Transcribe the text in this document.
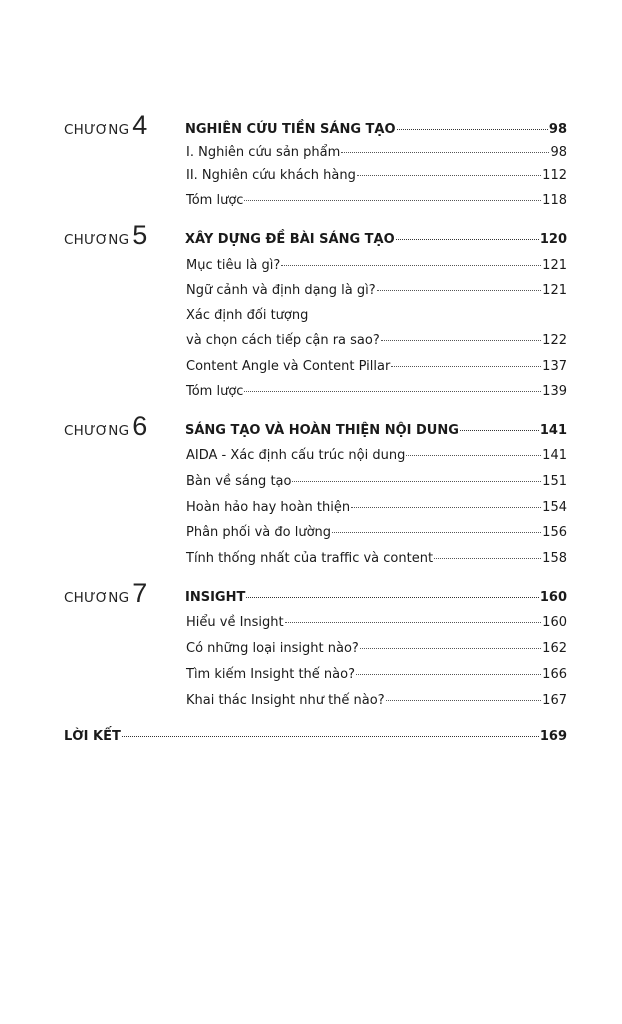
CHƯƠNG 4	NGHIÊN CỨU TIỀN SÁNG TẠO	98
I. Nghiên cứu sản phẩm	98
II. Nghiên cứu khách hàng	112
Tóm lược	118
CHƯƠNG 5	XÂY DỰNG ĐỀ BÀI SÁNG TẠO	120
Mục tiêu là gì?	121
Ngữ cảnh và định dạng là gì?	121
Xác định đối tượng
và chọn cách tiếp cận ra sao?	122
Content Angle và Content Pillar	137
Tóm lược	139
CHƯƠNG 6	SÁNG TẠO VÀ HOÀN THIỆN NỘI DUNG	141
AIDA - Xác định cấu trúc nội dung	141
Bàn về sáng tạo	151
Hoàn hảo hay hoàn thiện	154
Phân phối và đo lường	156
Tính thống nhất của traffic và content	158
CHƯƠNG 7	INSIGHT	160
Hiểu về Insight	160
Có những loại insight nào?	162
Tìm kiếm Insight thế nào?	166
Khai thác Insight như thế nào?	167
LỜI KẾT	169
